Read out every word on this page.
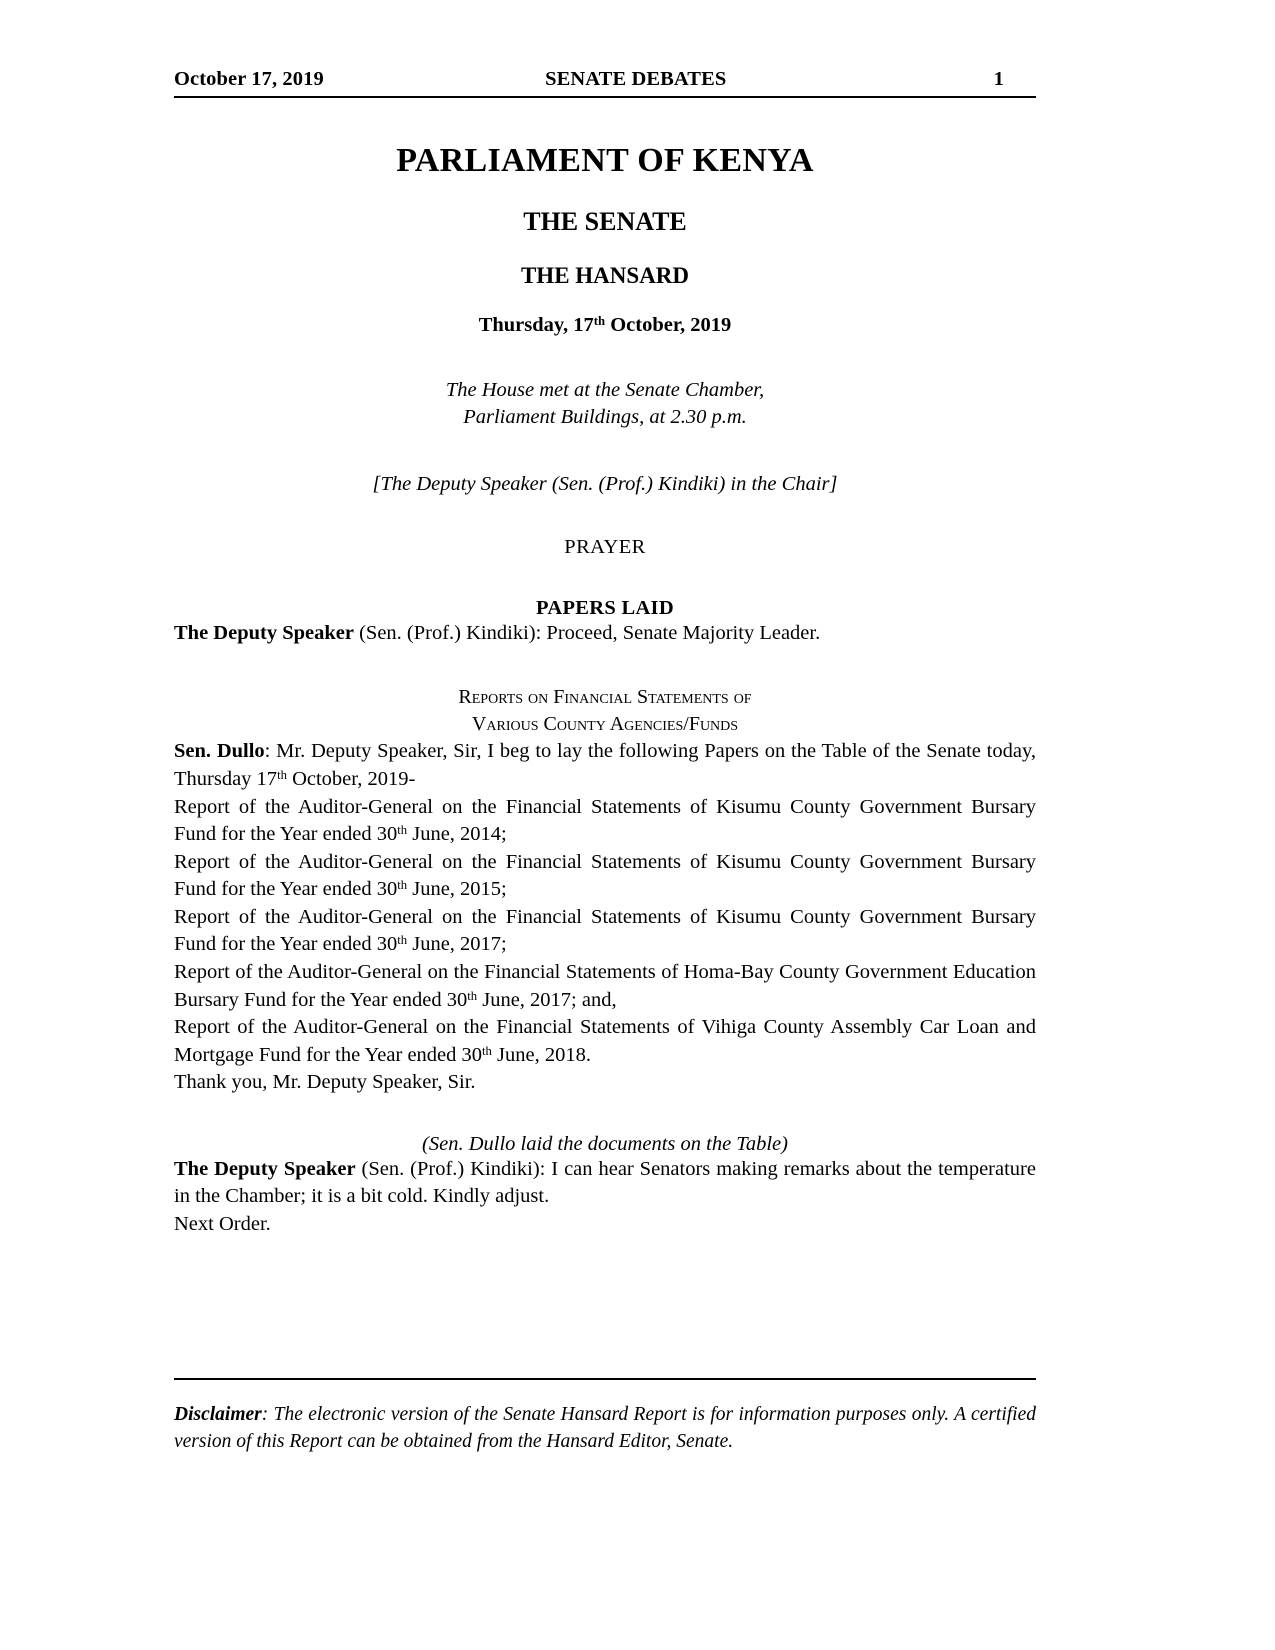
October 17, 2019	SENATE DEBATES	1
PARLIAMENT OF KENYA
THE SENATE
THE HANSARD
Thursday, 17th October, 2019
The House met at the Senate Chamber,
Parliament Buildings, at 2.30 p.m.
[The Deputy Speaker (Sen. (Prof.) Kindiki) in the Chair]
PRAYER
PAPERS LAID

The Deputy Speaker (Sen. (Prof.) Kindiki): Proceed, Senate Majority Leader.

Reports on Financial Statements of
Various County Agencies/Funds

Sen. Dullo: Mr. Deputy Speaker, Sir, I beg to lay the following Papers on the Table of the Senate today, Thursday 17th October, 2019-

Report of the Auditor-General on the Financial Statements of Kisumu County Government Bursary Fund for the Year ended 30th June, 2014;

Report of the Auditor-General on the Financial Statements of Kisumu County Government Bursary Fund for the Year ended 30th June, 2015;

Report of the Auditor-General on the Financial Statements of Kisumu County Government Bursary Fund for the Year ended 30th June, 2017;

Report of the Auditor-General on the Financial Statements of Homa-Bay County Government Education Bursary Fund for the Year ended 30th June, 2017; and,

Report of the Auditor-General on the Financial Statements of Vihiga County Assembly Car Loan and Mortgage Fund for the Year ended 30th June, 2018.

Thank you, Mr. Deputy Speaker, Sir.

(Sen. Dullo laid the documents on the Table)

The Deputy Speaker (Sen. (Prof.) Kindiki): I can hear Senators making remarks about the temperature in the Chamber; it is a bit cold. Kindly adjust.

Next Order.

Disclaimer: The electronic version of the Senate Hansard Report is for information purposes only. A certified version of this Report can be obtained from the Hansard Editor, Senate.
